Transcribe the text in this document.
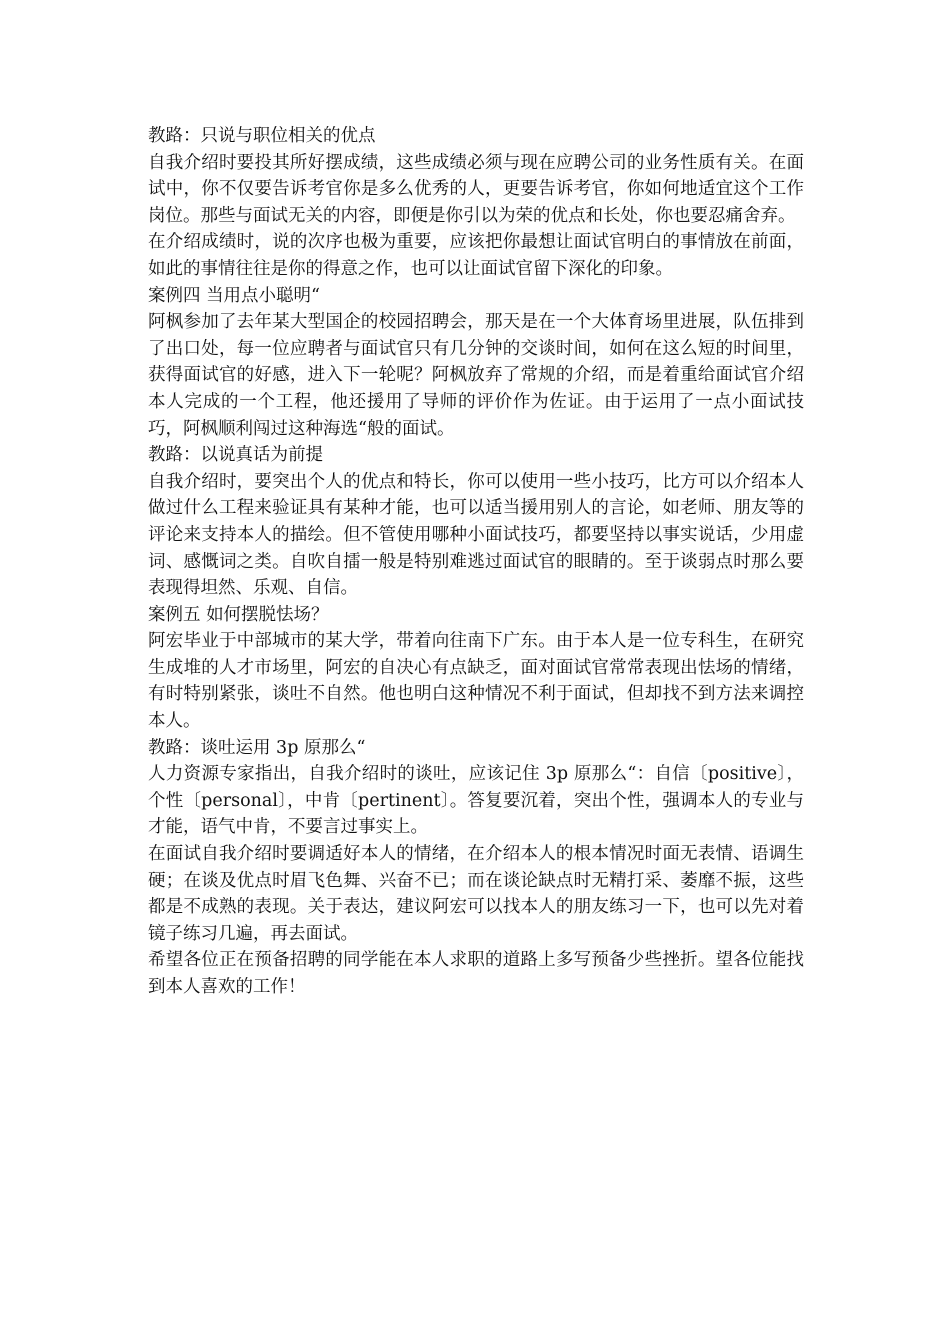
教路：只说与职位相关的优点

自我介绍时要投其所好摆成绩，这些成绩必须与现在应聘公司的业务性质有关。在面试中，你不仅要告诉考官你是多么优秀的人，更要告诉考官，你如何地适宜这个工作岗位。那些与面试无关的内容，即便是你引以为荣的优点和长处，你也要忍痛舍弃。

在介绍成绩时，说的次序也极为重要，应该把你最想让面试官明白的事情放在前面，如此的事情往往是你的得意之作，也可以让面试官留下深化的印象。

案例四 当用点小聪明“

阿枫参加了去年某大型国企的校园招聘会，那天是在一个大体育场里进展，队伍排到了出口处，每一位应聘者与面试官只有几分钟的交谈时间，如何在这么短的时间里，获得面试官的好感，进入下一轮呢？阿枫放弃了常规的介绍，而是着重给面试官介绍本人完成的一个工程，他还援用了导师的评价作为佐证。由于运用了一点小面试技巧，阿枫顺利闯过这种海选“般的面试。

教路：以说真话为前提

自我介绍时，要突出个人的优点和特长，你可以使用一些小技巧，比方可以介绍本人做过什么工程来验证具有某种才能，也可以适当援用别人的言论，如老师、朋友等的评论来支持本人的描绘。但不管使用哪种小面试技巧，都要坚持以事实说话，少用虚词、感慨词之类。自吹自擂一般是特别难逃过面试官的眼睛的。至于谈弱点时那么要表现得坦然、乐观、自信。

案例五 如何摆脱怯场？

阿宏毕业于中部城市的某大学，带着向往南下广东。由于本人是一位专科生，在研究生成堆的人才市场里，阿宏的自决心有点缺乏，面对面试官常常表现出怯场的情绪，有时特别紧张，谈吐不自然。他也明白这种情况不利于面试，但却找不到方法来调控本人。

教路：谈吐运用 3p 原那么“

人力资源专家指出，自我介绍时的谈吐，应该记住 3p 原那么“：自信〔positive〕，个性〔personal〕，中肯〔pertinent〕。答复要沉着，突出个性，强调本人的专业与才能，语气中肯，不要言过事实上。

在面试自我介绍时要调适好本人的情绪，在介绍本人的根本情况时面无表情、语调生硬；在谈及优点时眉飞色舞、兴奋不已；而在谈论缺点时无精打采、萎靡不振，这些都是不成熟的表现。关于表达，建议阿宏可以找本人的朋友练习一下，也可以先对着镜子练习几遍，再去面试。

希望各位正在预备招聘的同学能在本人求职的道路上多写预备少些挫折。望各位能找到本人喜欢的工作！
